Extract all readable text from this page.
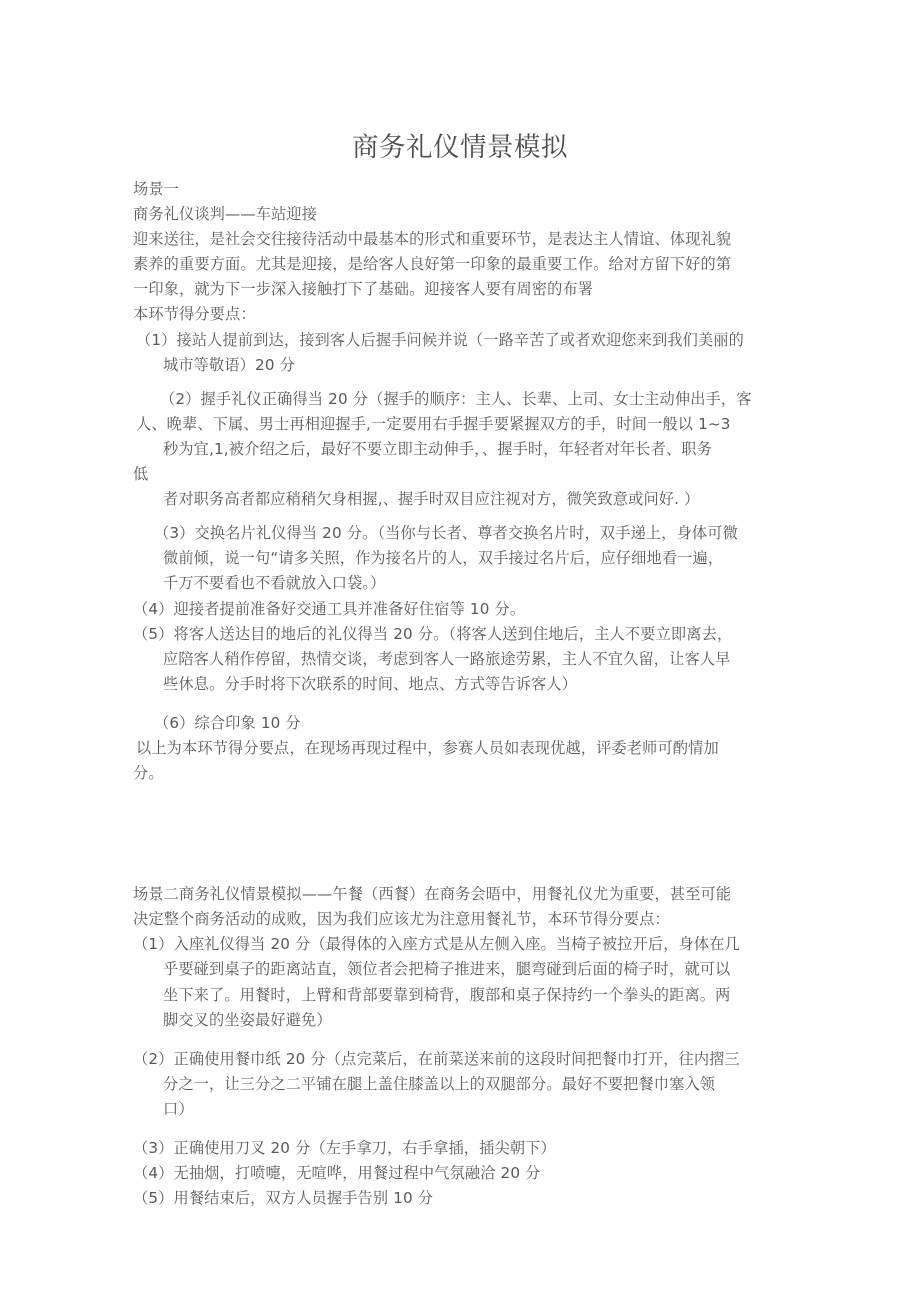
商务礼仪情景模拟
场景一
商务礼仪谈判——车站迎接
迎来送往，是社会交往接待活动中最基本的形式和重要环节，是表达主人情谊、体现礼貌
素养的重要方面。尤其是迎接，是给客人良好第一印象的最重要工作。给对方留下好的第
一印象，就为下一步深入接触打下了基础。迎接客人要有周密的布署
本环节得分要点：
（1）接站人提前到达，接到客人后握手问候并说（一路辛苦了或者欢迎您来到我们美丽的
城市等敬语）20 分
（2）握手礼仪正确得当 20 分（握手的顺序：主人、长辈、上司、女士主动伸出手，客
人、晚辈、下属、男士再相迎握手,一定要用右手握手要紧握双方的手，时间一般以 1~3
秒为宜,1,被介绍之后，最好不要立即主动伸手，、握手时，年轻者对年长者、职务
低
者对职务高者都应稍稍欠身相握,、握手时双目应注视对方，微笑致意或问好. ）
（3）交换名片礼仪得当 20 分。（当你与长者、尊者交换名片时，双手递上，身体可微
微前倾，说一句“请多关照，作为接名片的人，双手接过名片后，应仔细地看一遍，
千万不要看也不看就放入口袋。）
（4）迎接者提前准备好交通工具并准备好住宿等 10 分。
（5）将客人送达目的地后的礼仪得当 20 分。（将客人送到住地后，主人不要立即离去，
应陪客人稍作停留，热情交谈，考虑到客人一路旅途劳累，主人不宜久留，让客人早
些休息。分手时将下次联系的时间、地点、方式等告诉客人）
（6）综合印象 10 分
以上为本环节得分要点，在现场再现过程中，参赛人员如表现优越，评委老师可酌情加
分。
场景二商务礼仪情景模拟——午餐（西餐）在商务会晤中，用餐礼仪尤为重要，甚至可能
决定整个商务活动的成败，因为我们应该尤为注意用餐礼节，本环节得分要点：
（1）入座礼仪得当 20 分（最得体的入座方式是从左侧入座。当椅子被拉开后，身体在几
乎要碰到桌子的距离站直，领位者会把椅子推进来，腿弯碰到后面的椅子时，就可以
坐下来了。用餐时，上臂和背部要靠到椅背，腹部和桌子保持约一个拳头的距离。两
脚交叉的坐姿最好避免）
（2）正确使用餐巾纸 20 分（点完菜后，在前菜送来前的这段时间把餐巾打开，往内摺三
分之一，让三分之二平铺在腿上盖住膝盖以上的双腿部分。最好不要把餐巾塞入领
口）
（3）正确使用刀叉 20 分（左手拿刀，右手拿插，插尖朝下）
（4）无抽烟，打喷嚏，无喧哗，用餐过程中气氛融洽 20 分
（5）用餐结束后，双方人员握手告别 10 分
